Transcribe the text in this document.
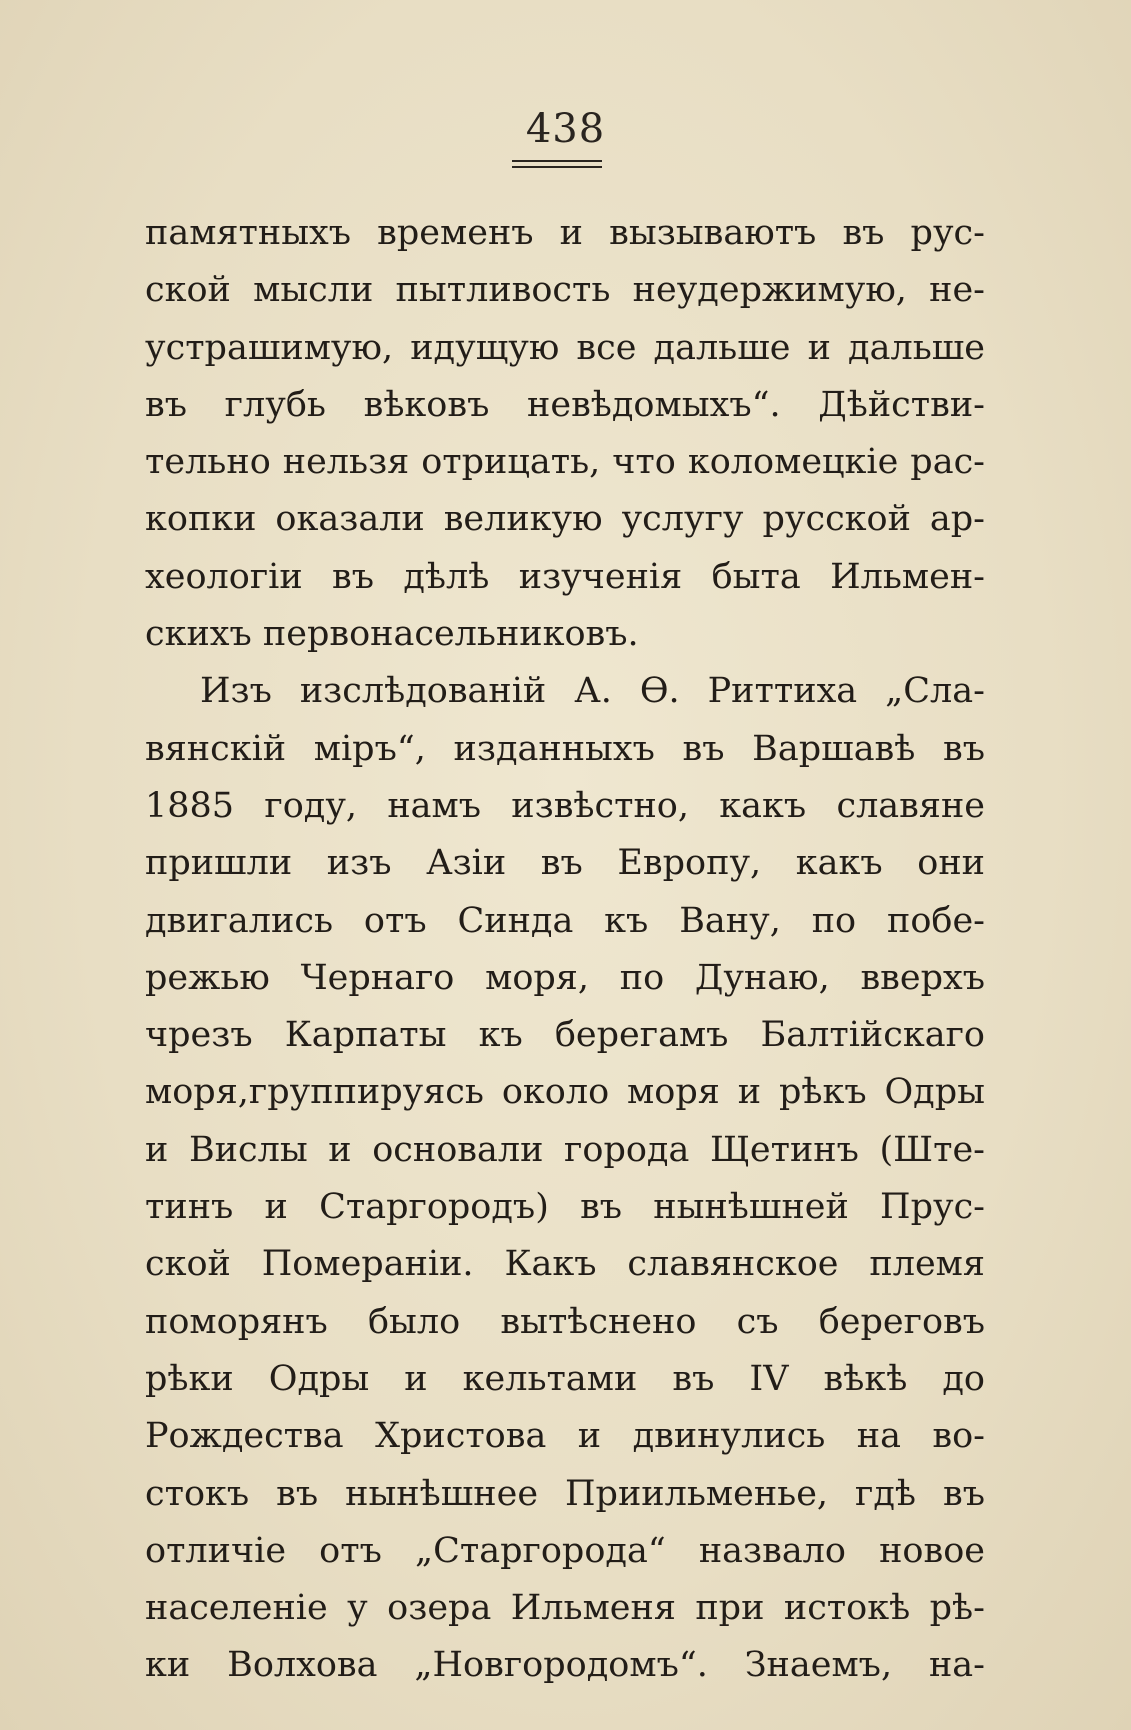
438
памятныхъ временъ и вызываютъ въ рус-
ской мысли пытливость неудержимую, не-
устрашимую, идущую все дальше и дальше
въ глубь вѣковъ невѣдомыхъ“. Дѣйстви-
тельно нельзя отрицать, что коломецкіе рас-
копки оказали великую услугу русской ар-
хеологіи въ дѣлѣ изученія быта Ильмен-
скихъ первонасельниковъ.
Изъ изслѣдованій А. Ѳ. Риттиха „Сла-
вянскій міръ“, изданныхъ въ Варшавѣ въ
1885 году, намъ извѣстно, какъ славяне
пришли изъ Азіи въ Европу, какъ они
двигались отъ Синда къ Вану, по побе-
режью Чернаго моря, по Дунаю, вверхъ
чрезъ Карпаты къ берегамъ Балтійскаго
моря,группируясь около моря и рѣкъ Одры
и Вислы и основали города Щетинъ (Ште-
тинъ и Старгородъ) въ нынѣшней Прус-
ской Помераніи. Какъ славянское племя
поморянъ было вытѣснено съ береговъ
рѣки Одры и кельтами въ IV вѣкѣ до
Рождества Христова и двинулись на во-
стокъ въ нынѣшнее Приильменье, гдѣ въ
отличіе отъ „Старгорода“ назвало новое
населеніе у озера Ильменя при истокѣ рѣ-
ки Волхова „Новгородомъ“. Знаемъ, на-
